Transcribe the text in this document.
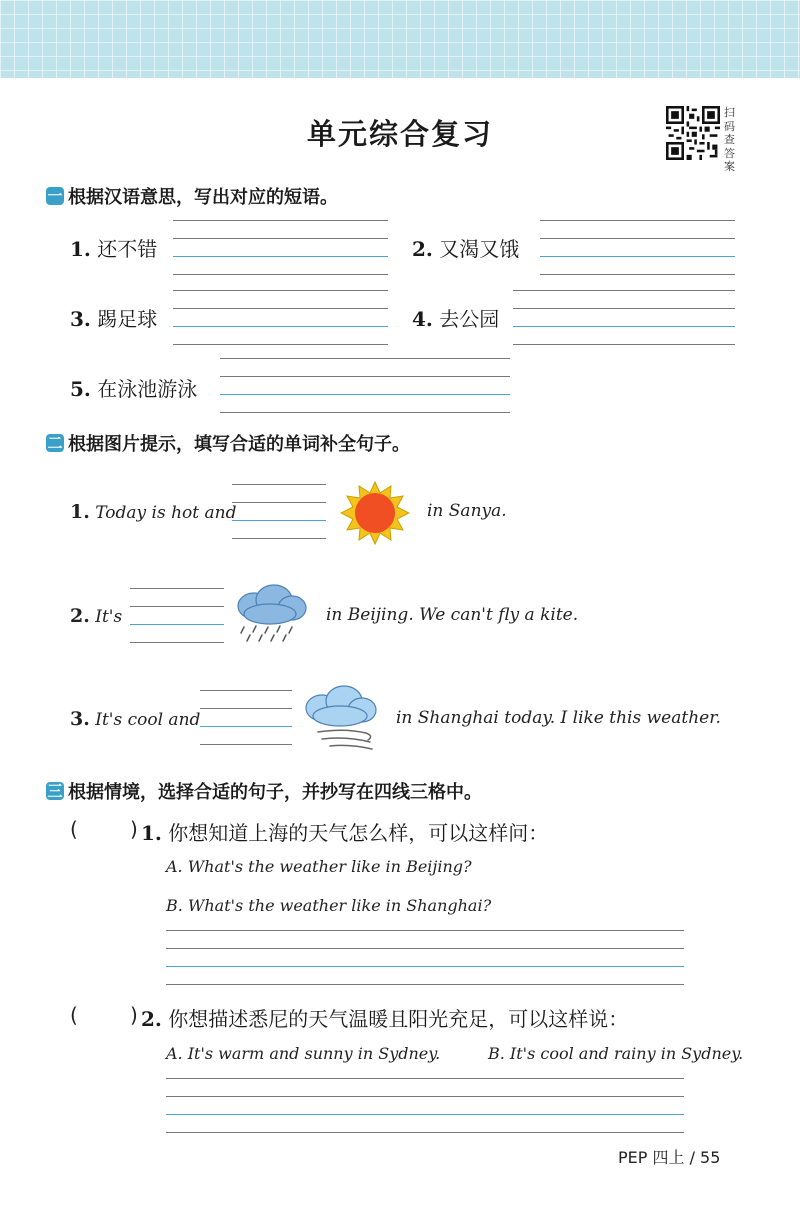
单元综合复习
扫码查答案
一 根据汉语意思，写出对应的短语。
1. 还不错	2. 又渴又饿
3. 踢足球	4. 去公园
5. 在泳池游泳
二 根据图片提示，填写合适的单词补全句子。
1. Today is hot and	in Sanya.
2. It's	in Beijing. We can't fly a kite.
3. It's cool and	in Shanghai today. I like this weather.
三 根据情境，选择合适的句子，并抄写在四线三格中。
(	) 1. 你想知道上海的天气怎么样，可以这样问：
A. What's the weather like in Beijing?
B. What's the weather like in Shanghai?
(	) 2. 你想描述悉尼的天气温暖且阳光充足，可以这样说：
A. It's warm and sunny in Sydney.	B. It's cool and rainy in Sydney.
PEP 四上 / 55
